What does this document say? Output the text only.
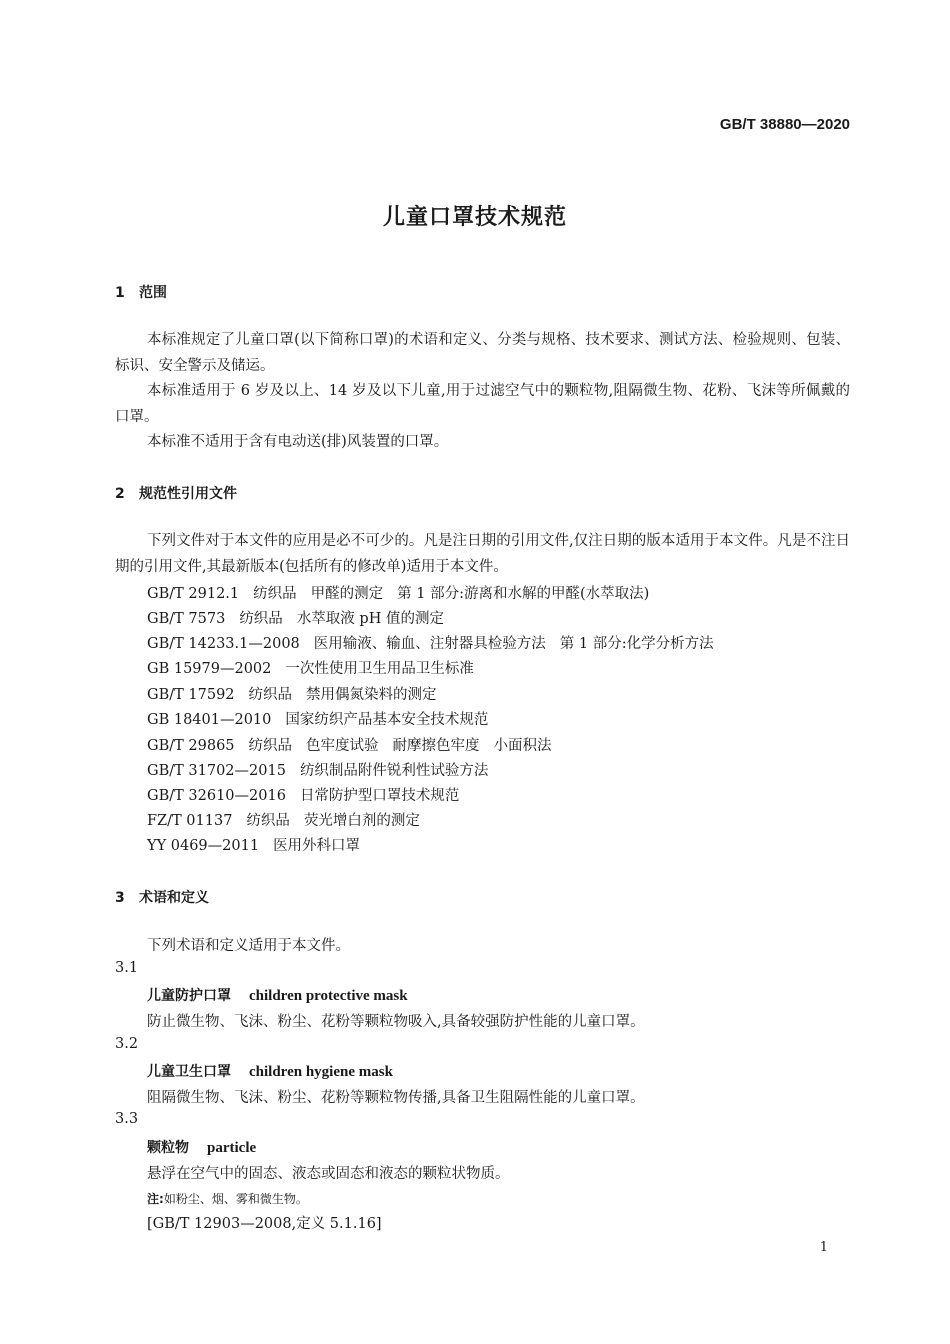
GB/T 38880—2020
儿童口罩技术规范
1 范围
本标准规定了儿童口罩(以下简称口罩)的术语和定义、分类与规格、技术要求、测试方法、检验规则、包装、标识、安全警示及储运。
本标准适用于 6 岁及以上、14 岁及以下儿童,用于过滤空气中的颗粒物,阻隔微生物、花粉、飞沫等所佩戴的口罩。
本标准不适用于含有电动送(排)风装置的口罩。
2 规范性引用文件
下列文件对于本文件的应用是必不可少的。凡是注日期的引用文件,仅注日期的版本适用于本文件。凡是不注日期的引用文件,其最新版本(包括所有的修改单)适用于本文件。
GB/T 2912.1 纺织品 甲醛的测定 第 1 部分:游离和水解的甲醛(水萃取法)
GB/T 7573 纺织品 水萃取液 pH 值的测定
GB/T 14233.1—2008 医用输液、输血、注射器具检验方法 第 1 部分:化学分析方法
GB 15979—2002 一次性使用卫生用品卫生标准
GB/T 17592 纺织品 禁用偶氮染料的测定
GB 18401—2010 国家纺织产品基本安全技术规范
GB/T 29865 纺织品 色牢度试验 耐摩擦色牢度 小面积法
GB/T 31702—2015 纺织制品附件锐利性试验方法
GB/T 32610—2016 日常防护型口罩技术规范
FZ/T 01137 纺织品 荧光增白剂的测定
YY 0469—2011 医用外科口罩
3 术语和定义
下列术语和定义适用于本文件。
3.1
儿童防护口罩 children protective mask
防止微生物、飞沫、粉尘、花粉等颗粒物吸入,具备较强防护性能的儿童口罩。
3.2
儿童卫生口罩 children hygiene mask
阻隔微生物、飞沫、粉尘、花粉等颗粒物传播,具备卫生阻隔性能的儿童口罩。
3.3
颗粒物 particle
悬浮在空气中的固态、液态或固态和液态的颗粒状物质。
注:如粉尘、烟、雾和微生物。
[GB/T 12903—2008,定义 5.1.16]
1
